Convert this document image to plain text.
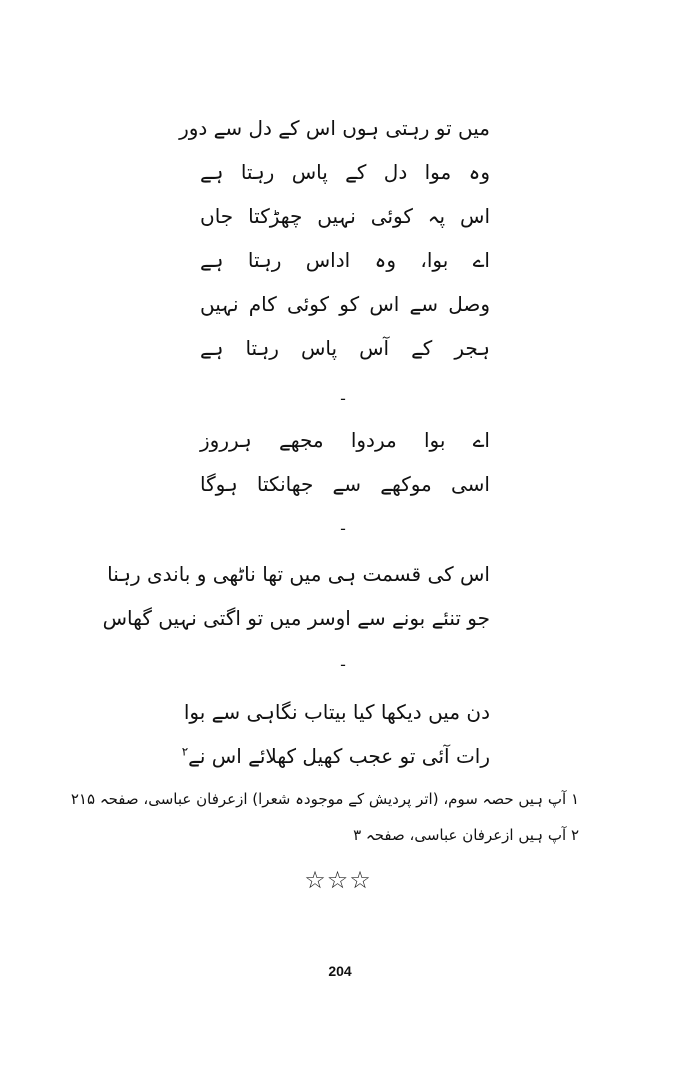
میں تو رہتی ہوں اس کے دل سے دور
وہ موا دل کے پاس رہتا ہے
اس پہ کوئی نہیں چھڑکتا جاں
اے بوا، وہ اداس رہتا ہے
وصل سے اس کو کوئی کام نہیں
ہجر کے آس پاس رہتا ہے
-
اے بوا مردوا مجھے ہرروز
اسی موکھے سے جھانکتا ہوگا
-
اس کی قسمت ہی میں تھا ناٹھی و باندی رہنا
جو تنئے بونے سے اوسر میں تو اگتی نہیں گھاس
-
دن میں دیکھا کیا بیتاب نگاہی سے بوا
رات آئی تو عجب کھیل کھلائے اس نے$^۲$
۱ آپ ہیں حصہ سوم، (اتر پردیش کے موجودہ شعرا) ازعرفان عباسی، صفحہ ۲۱۵
۲ آپ ہیں ازعرفان عباسی، صفحہ ۳
☆☆☆
204
